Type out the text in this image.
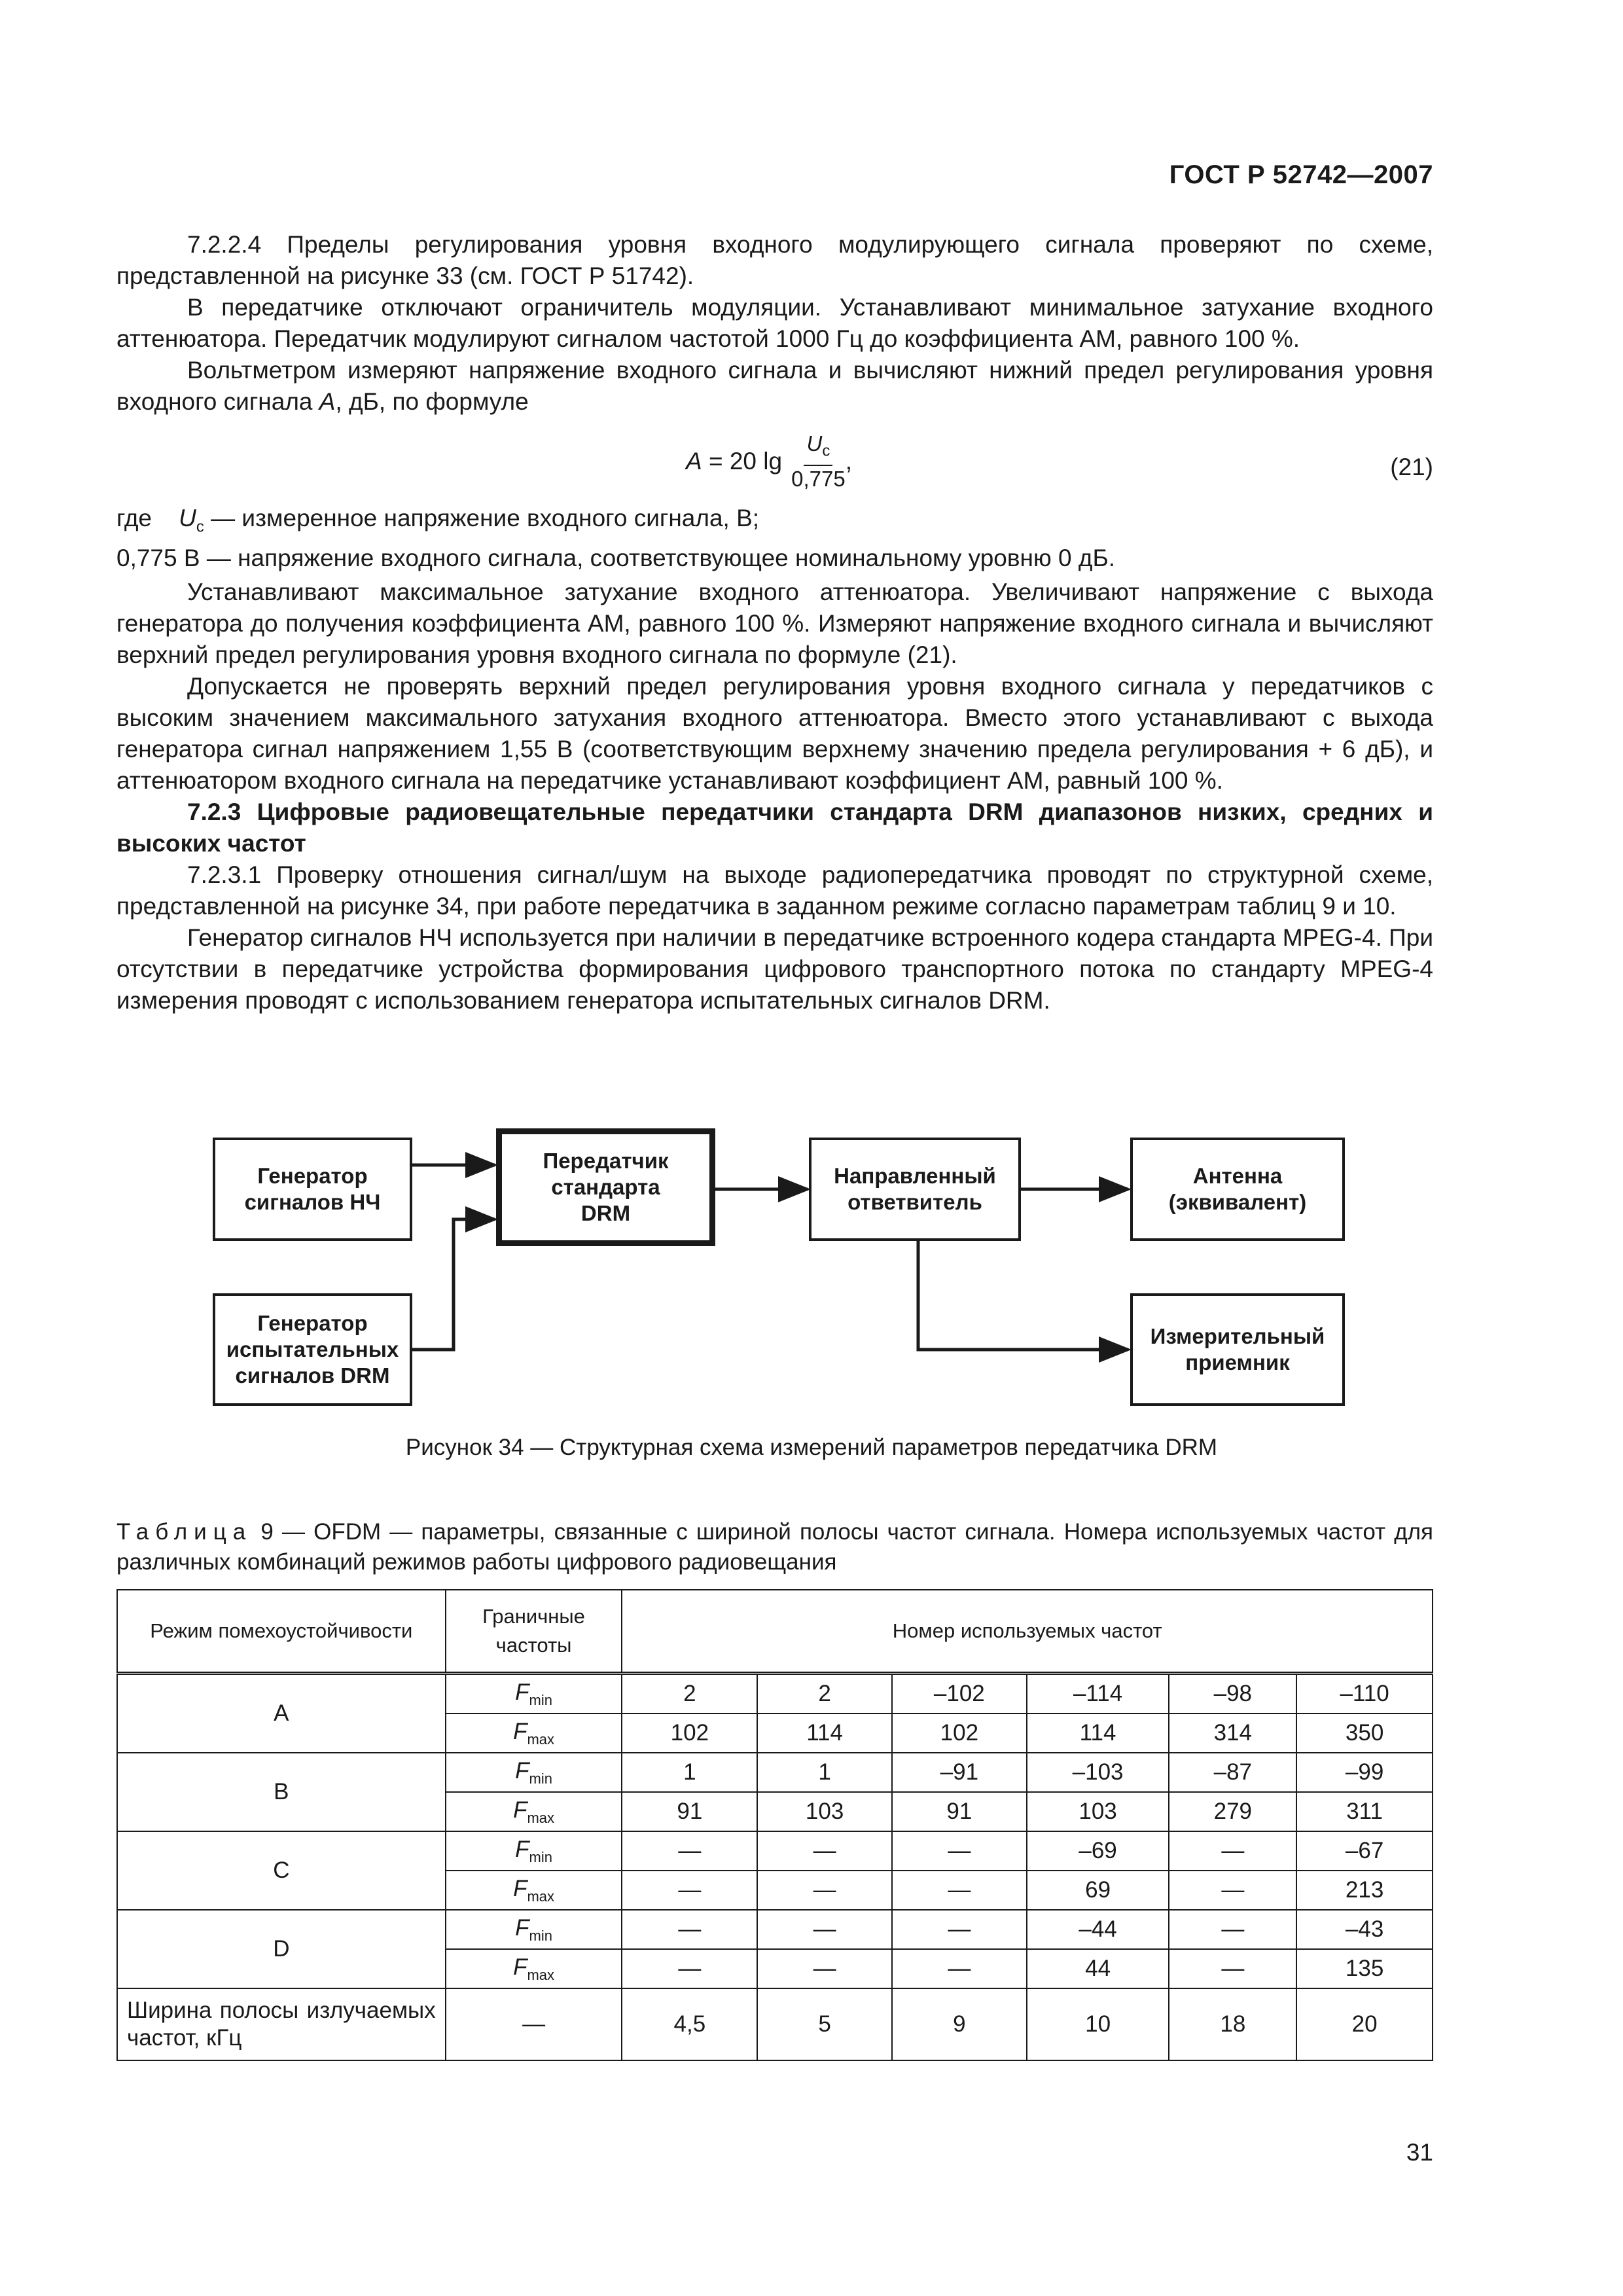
ГОСТ Р 52742—2007

7.2.2.4 Пределы регулирования уровня входного модулирующего сигнала проверяют по схеме, представленной на рисунке 33 (см. ГОСТ Р 51742).

В передатчике отключают ограничитель модуляции. Устанавливают минимальное затухание входного аттенюатора. Передатчик модулируют сигналом частотой 1000 Гц до коэффициента АМ, равного 100 %.

Вольтметром измеряют напряжение входного сигнала и вычисляют нижний предел регулирования уровня входного сигнала A, дБ, по формуле

A = 20 $\lg \frac{U_c}{0,775}$ ,	(21)
где    $U_c$ — измеренное напряжение входного сигнала, В;
0,775 В — напряжение входного сигнала, соответствующее номинальному уровню 0 дБ.

Устанавливают максимальное затухание входного аттенюатора. Увеличивают напряжение с выхода генератора до получения коэффициента АМ, равного 100 %. Измеряют напряжение входного сигнала и вычисляют верхний предел регулирования уровня входного сигнала по формуле (21).

Допускается не проверять верхний предел регулирования уровня входного сигнала у передатчиков с высоким значением максимального затухания входного аттенюатора. Вместо этого устанавливают с выхода генератора сигнал напряжением 1,55 В (соответствующим верхнему значению предела регулирования + 6 дБ), и аттенюатором входного сигнала на передатчике устанавливают коэффициент АМ, равный 100 %.

7.2.3 Цифровые радиовещательные передатчики стандарта DRM диапазонов низких, средних и высоких частот

7.2.3.1 Проверку отношения сигнал/шум на выходе радиопередатчика проводят по структурной схеме, представленной на рисунке 34, при работе передатчика в заданном режиме согласно параметрам таблиц 9 и 10.

Генератор сигналов НЧ используется при наличии в передатчике встроенного кодера стандарта MPEG-4. При отсутствии в передатчике устройства формирования цифрового транспортного потока по стандарту MPEG-4 измерения проводят с использованием генератора испытательных сигналов DRM.

Генератор
сигналов НЧ
Генератор
испытательных
сигналов DRM
Передатчик
стандарта
DRM
Направленный
ответвитель
Антенна
(эквивалент)
Измерительный
приемник
Рисунок 34 — Структурная схема измерений параметров передатчика DRM
Таблица 9 — OFDM — параметры, связанные с шириной полосы частот сигнала. Номера используемых частот для различных комбинаций режимов работы цифрового радиовещания
Режим помехоустойчивости	Граничные частоты	Номер используемых частот					
A	$F_{min}$	2	2	–102	–114	–98	–110
	$F_{max}$	102	114	102	114	314	350
B	$F_{min}$	1	1	–91	–103	–87	–99
	$F_{max}$	91	103	91	103	279	311
C	$F_{min}$	—	—	—	–69	—	–67
	$F_{max}$	—	—	—	69	—	213
D	$F_{min}$	—	—	—	–44	—	–43
	$F_{max}$	—	—	—	44	—	135
Ширина полосы излучаемых частот, кГц	—	4,5	5	9	10	18	20
31
